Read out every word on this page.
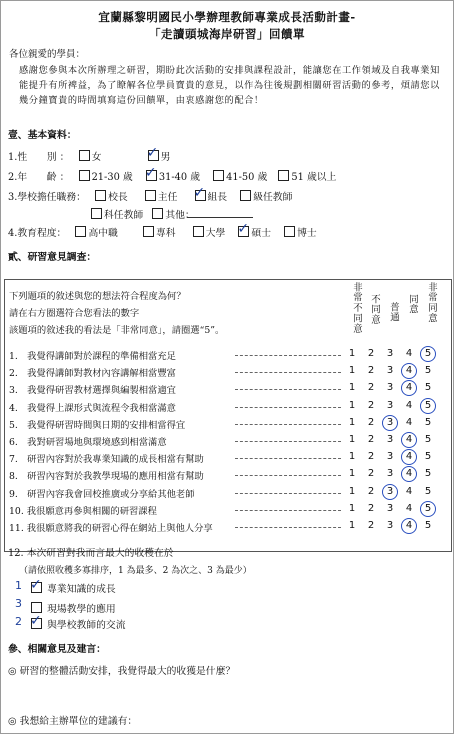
宜蘭縣黎明國民小學辦理教師專業成長活動計畫-
「走讀頭城海岸研習」回饋單
各位親愛的學員：
感謝您參與本次所辦理之研習，期盼此次活動的安排與課程設計，能讓您在工作領域及自我專業知能提升有所裨益，為了瞭解各位學員寶貴的意見，以作為往後規劃相關研習活動的參考，煩請您以幾分鐘寶貴的時間填寫這份回饋單，由衷感謝您的配合！
壹、基本資料：
1.性　　別 ： 女	✓ 男
2.年　　齡 ： 21-30 歲 ✓ 31-40 歲	41-50 歲 51 歲以上
3.學校擔任職務： 校長	主任 ✓ 組長	級任教師
科任教師 其他：
4.教育程度： 高中職	專科	大學 ✓ 碩士	博士
貳、研習意見調查：
下列題項的敘述與您的想法符合程度為何？
請在右方圈選符合您看法的數字
該題項的敘述我的看法是「非常同意」，請圈選“5”。	非常不同意 不同意 普通 同意 非常同意
1.　我覺得講師對於課程的準備相當充足	1 2 3 4 5
2.　我覺得講師對教材內容講解相當豐富	1 2 3 4 5
3.　我覺得研習教材選擇與編製相當適宜	1 2 3 4 5
4.　我覺得上課形式與流程令我相當滿意	1 2 3 4 5
5.　我覺得研習時間與日期的安排相當得宜	1 2 3 4 5
6.　我對研習場地與環境感到相當滿意	1 2 3 4 5
7.　研習內容對於我專業知識的成長相當有幫助	1 2 3 4 5
8.　研習內容對於我教學現場的應用相當有幫助	1 2 3 4 5
9.　研習內容我會回校推廣或分享給其他老師	1 2 3 4 5
10. 我很願意再參與相關的研習課程	1 2 3 4 5
11. 我很願意將我的研習心得在網站上與他人分享	1 2 3 4 5
12. 本次研習對我而言最大的收穫在於
（請依照收穫多寡排序，1 為最多、2 為次之、3 為最少）
1 ✓ 專業知識的成長
3	現場教學的應用
2 ✓ 與學校教師的交流
參、相關意見及建言：
◎ 研習的整體活動安排，我覺得最大的收獲是什麼？
◎ 我想給主辦單位的建議有：
